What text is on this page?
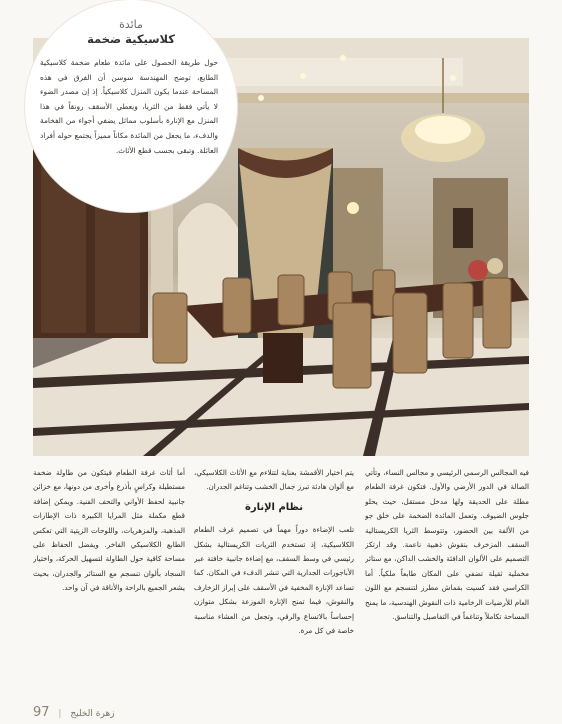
مائدة
كلاسيكية ضخمة
حول طريقة الحصول على مائدة طعام ضخمة كلاسيكية الطابع، توضح المهندسة سوسن أن الفرق في هذه المساحة عندما يكون المنزل كلاسيكياً. إذ إن مصدر الضوء لا يأتي فقط من الثريا، ويعطي الأسقف رونقاً في هذا المنزل مع الإنارة بأسلوب مماثل يضفي أجواء من الفخامة والدفء، ما يجعل من المائدة مكاناً مميزاً يجتمع حوله أفراد العائلة. وتبقى بحسب قطع الأثاث.

فيه المجالس الرسمي الرئيسي و مجالس النساء، وتأتي الصالة في الدور الأرضي والأول. فتكون غرفة الطعام مطلة على الحديقة ولها مدخل مستقل، حيث يحلو جلوس الضيوف. وتعمل المائدة الضخمة على خلق جو من الألفة بين الحضور، وتتوسط الثريا الكريستالية السقف المزخرف بنقوش ذهبية ناعمة. وقد ارتكز التصميم على الألوان الدافئة والخشب الداكن، مع ستائر مخملية ثقيلة تضفي على المكان طابعاً ملكياً. أما الكراسي فقد كسيت بقماش مطرز لتنسجم مع اللون العام للأرضيات الرخامية ذات النقوش الهندسية، ما يمنح المساحة تكاملاً وتناغماً في التفاصيل والتناسق.

يتم اختيار الأقمشة بعناية لتتلاءم مع الأثاث الكلاسيكي، مع ألوان هادئة تبرز جمال الخشب وتناغم الجدران.

نظام الإنارة

تلعب الإضاءة دوراً مهماً في تصميم غرف الطعام الكلاسيكية، إذ تستخدم الثريات الكريستالية بشكل رئيسي في وسط السقف، مع إضاءة جانبية خافتة عبر الأباجورات الجدارية التي تنشر الدفء في المكان. كما تساعد الإنارة المخفية في الأسقف على إبراز الزخارف والنقوش، فيما تمنح الإنارة الموزعة بشكل متوازن إحساساً بالاتساع والرقي، وتجعل من العشاء مناسبة خاصة في كل مرة.

أما أثاث غرفة الطعام فيتكون من طاولة ضخمة مستطيلة وكراسٍ بأذرع وأخرى من دونها، مع خزائن جانبية لحفظ الأواني والتحف الفنية. ويمكن إضافة قطع مكملة مثل المرايا الكبيرة ذات الإطارات المذهبة، والمزهريات، واللوحات الزيتية التي تعكس الطابع الكلاسيكي الفاخر. ويفضل الحفاظ على مساحة كافية حول الطاولة لتسهيل الحركة، واختيار السجاد بألوان تنسجم مع الستائر والجدران، بحيث يشعر الجميع بالراحة والأناقة في آن واحد.

97 | زهرة الخليج
